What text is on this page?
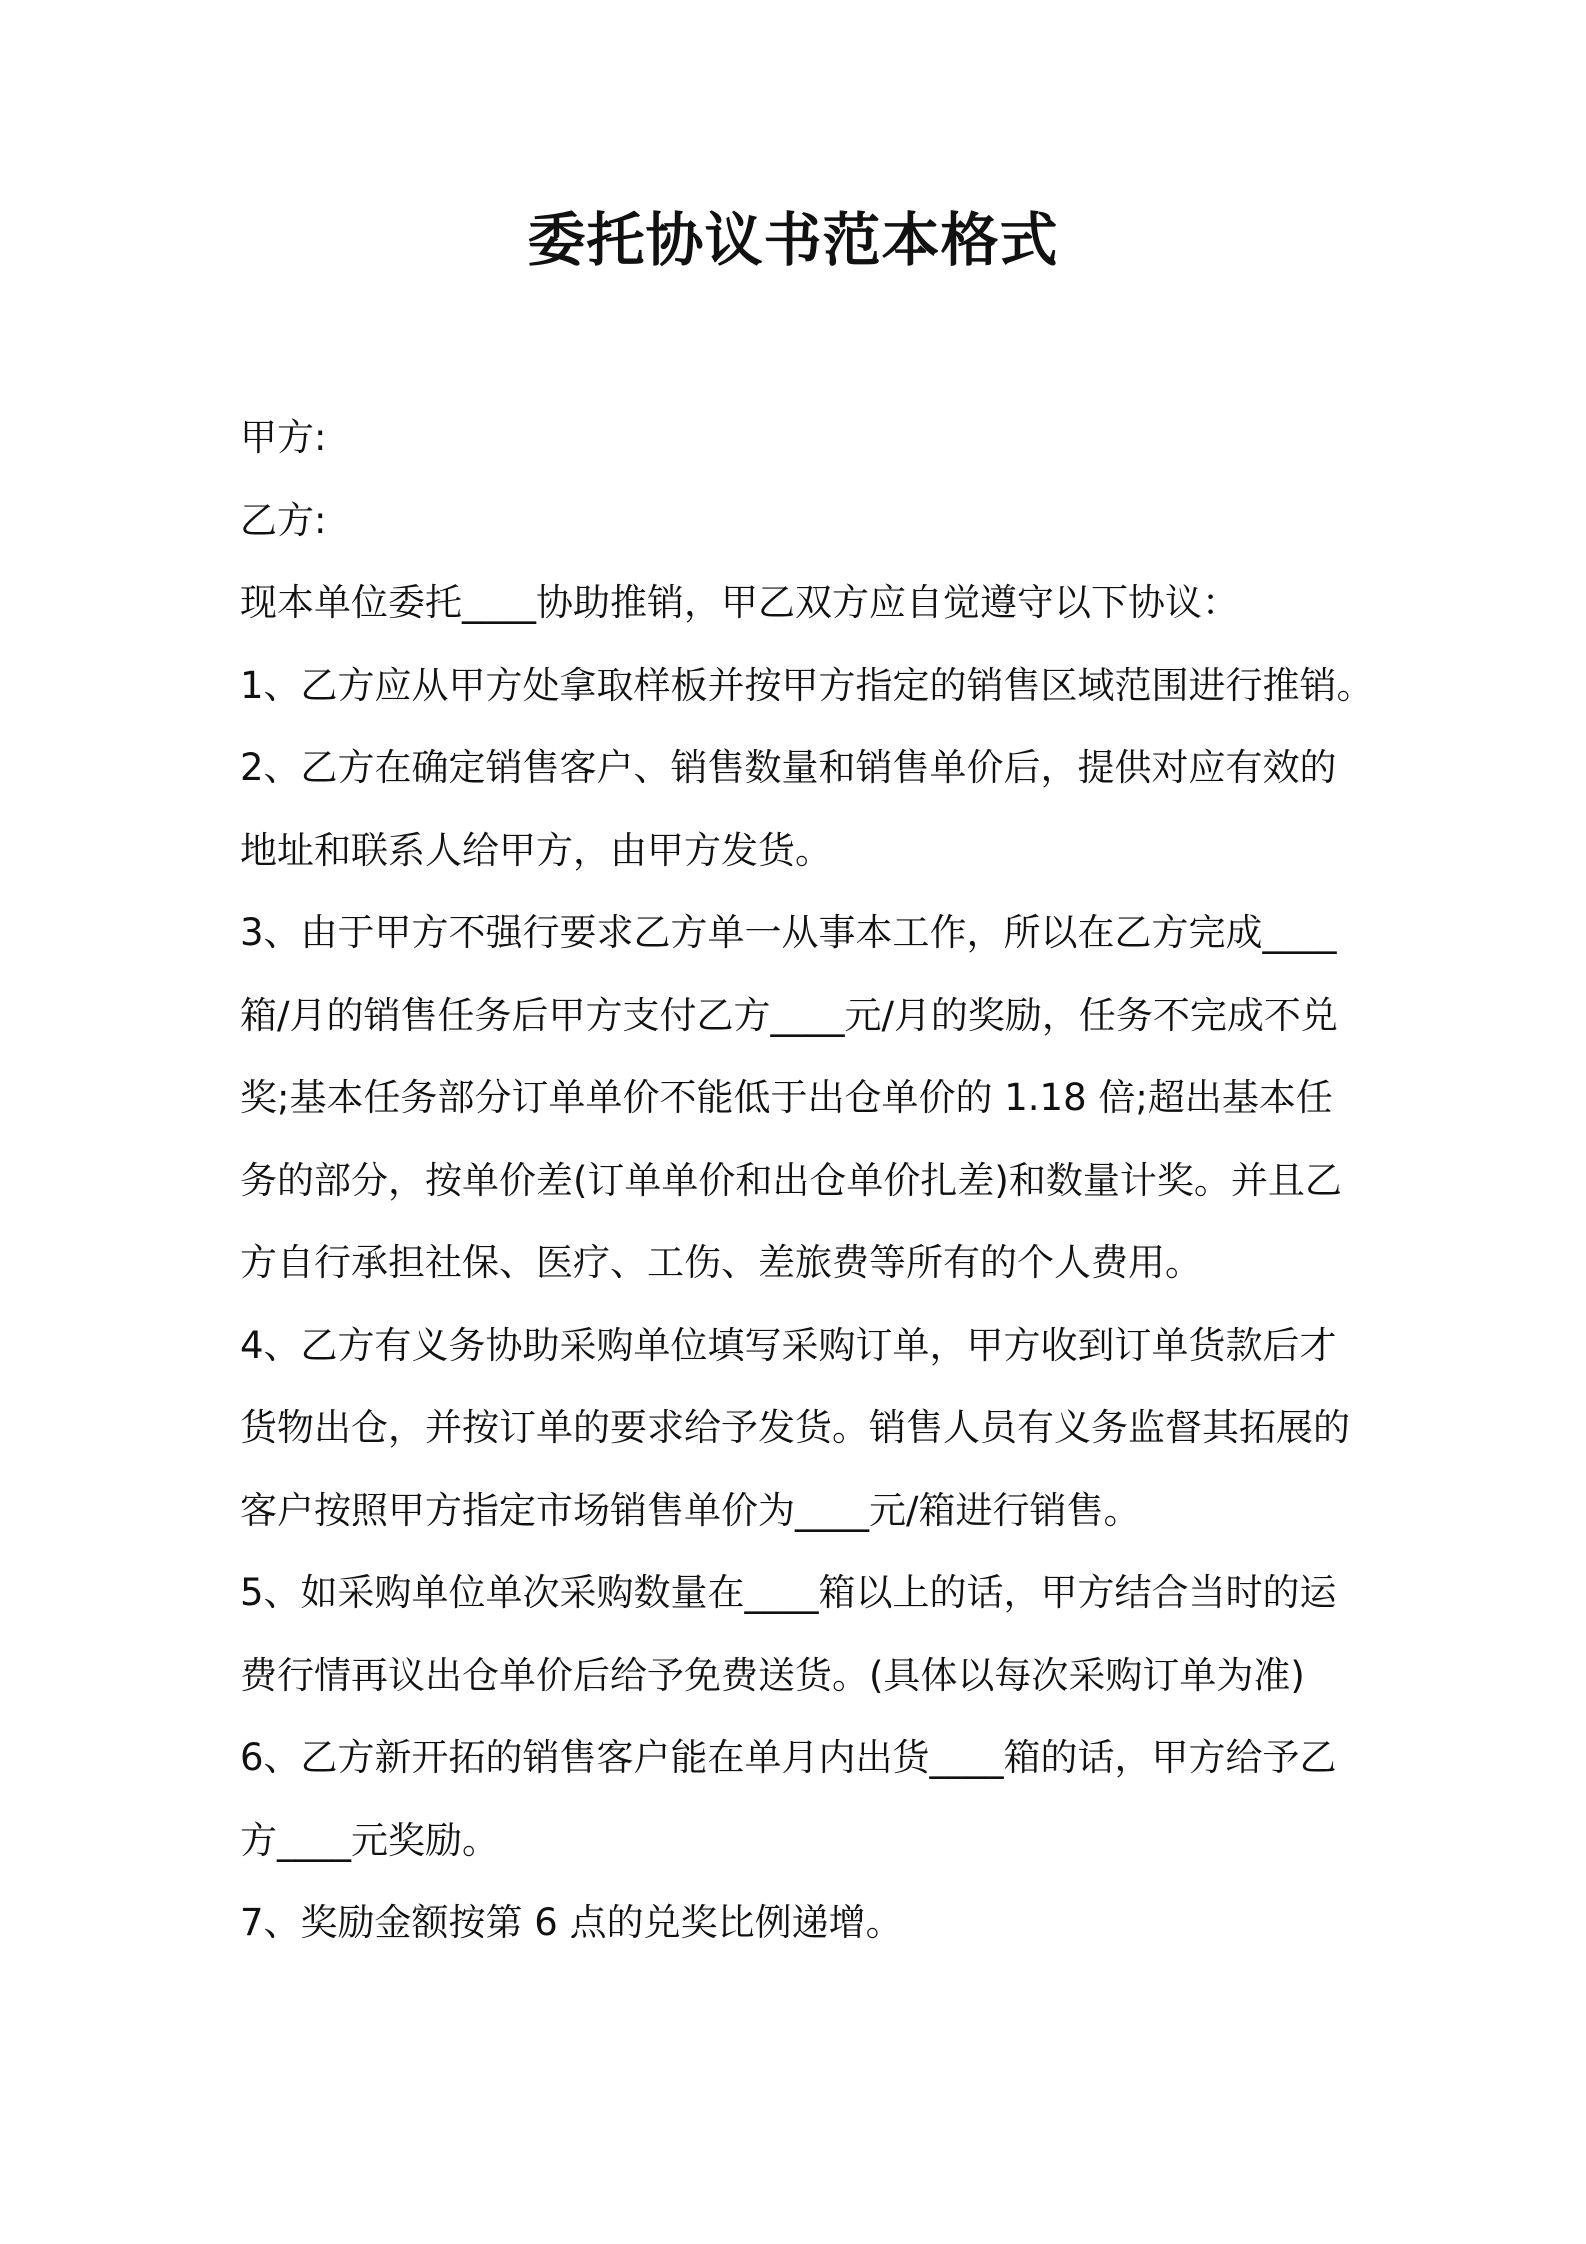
委托协议书范本格式
甲方:
乙方:
现本单位委托____协助推销，甲乙双方应自觉遵守以下协议：
1、乙方应从甲方处拿取样板并按甲方指定的销售区域范围进行推销。
2、乙方在确定销售客户、销售数量和销售单价后，提供对应有效的
地址和联系人给甲方，由甲方发货。
3、由于甲方不强行要求乙方单一从事本工作，所以在乙方完成____
箱/月的销售任务后甲方支付乙方____元/月的奖励，任务不完成不兑
奖;基本任务部分订单单价不能低于出仓单价的 1.18 倍;超出基本任
务的部分，按单价差(订单单价和出仓单价扎差)和数量计奖。并且乙
方自行承担社保、医疗、工伤、差旅费等所有的个人费用。
4、乙方有义务协助采购单位填写采购订单，甲方收到订单货款后才
货物出仓，并按订单的要求给予发货。销售人员有义务监督其拓展的
客户按照甲方指定市场销售单价为____元/箱进行销售。
5、如采购单位单次采购数量在____箱以上的话，甲方结合当时的运
费行情再议出仓单价后给予免费送货。(具体以每次采购订单为准)
6、乙方新开拓的销售客户能在单月内出货____箱的话，甲方给予乙
方____元奖励。
7、奖励金额按第 6 点的兑奖比例递增。
